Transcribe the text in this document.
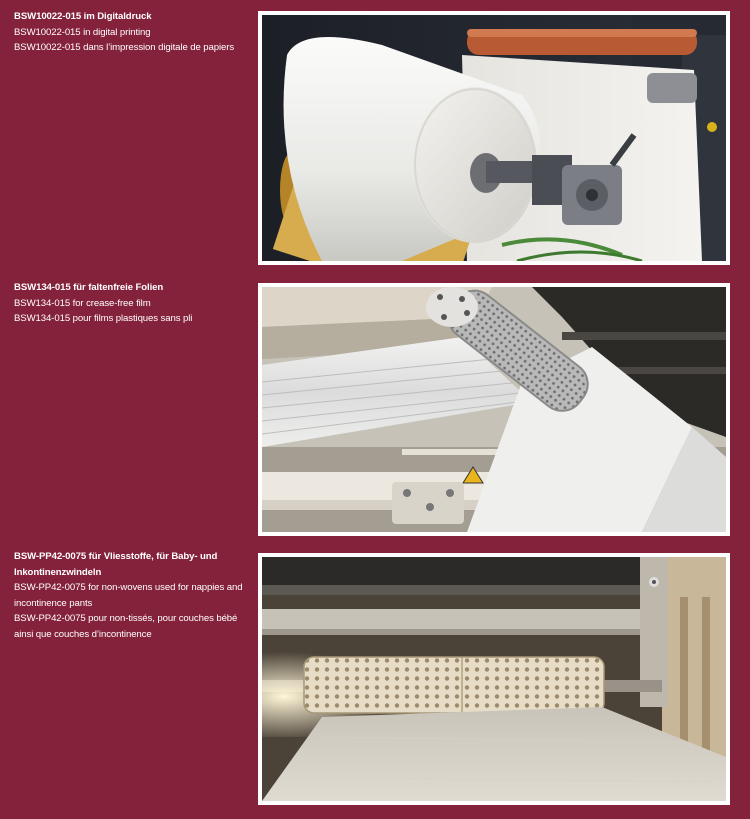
BSW10022-015 im Digitaldruck
BSW10022-015 in digital printing
BSW10022-015 dans l’impression digitale de papiers
BSW134-015 für faltenfreie Folien
BSW134-015 for crease-free film
BSW134-015 pour films plastiques sans pli
BSW-PP42-0075 für Vliesstoffe, für Baby- und Inkontinenzwindeln
BSW-PP42-0075 for non-wovens used for nappies and incontinence pants
BSW-PP42-0075 pour non-tissés, pour couches bébé ainsi que couches d’incontinence
